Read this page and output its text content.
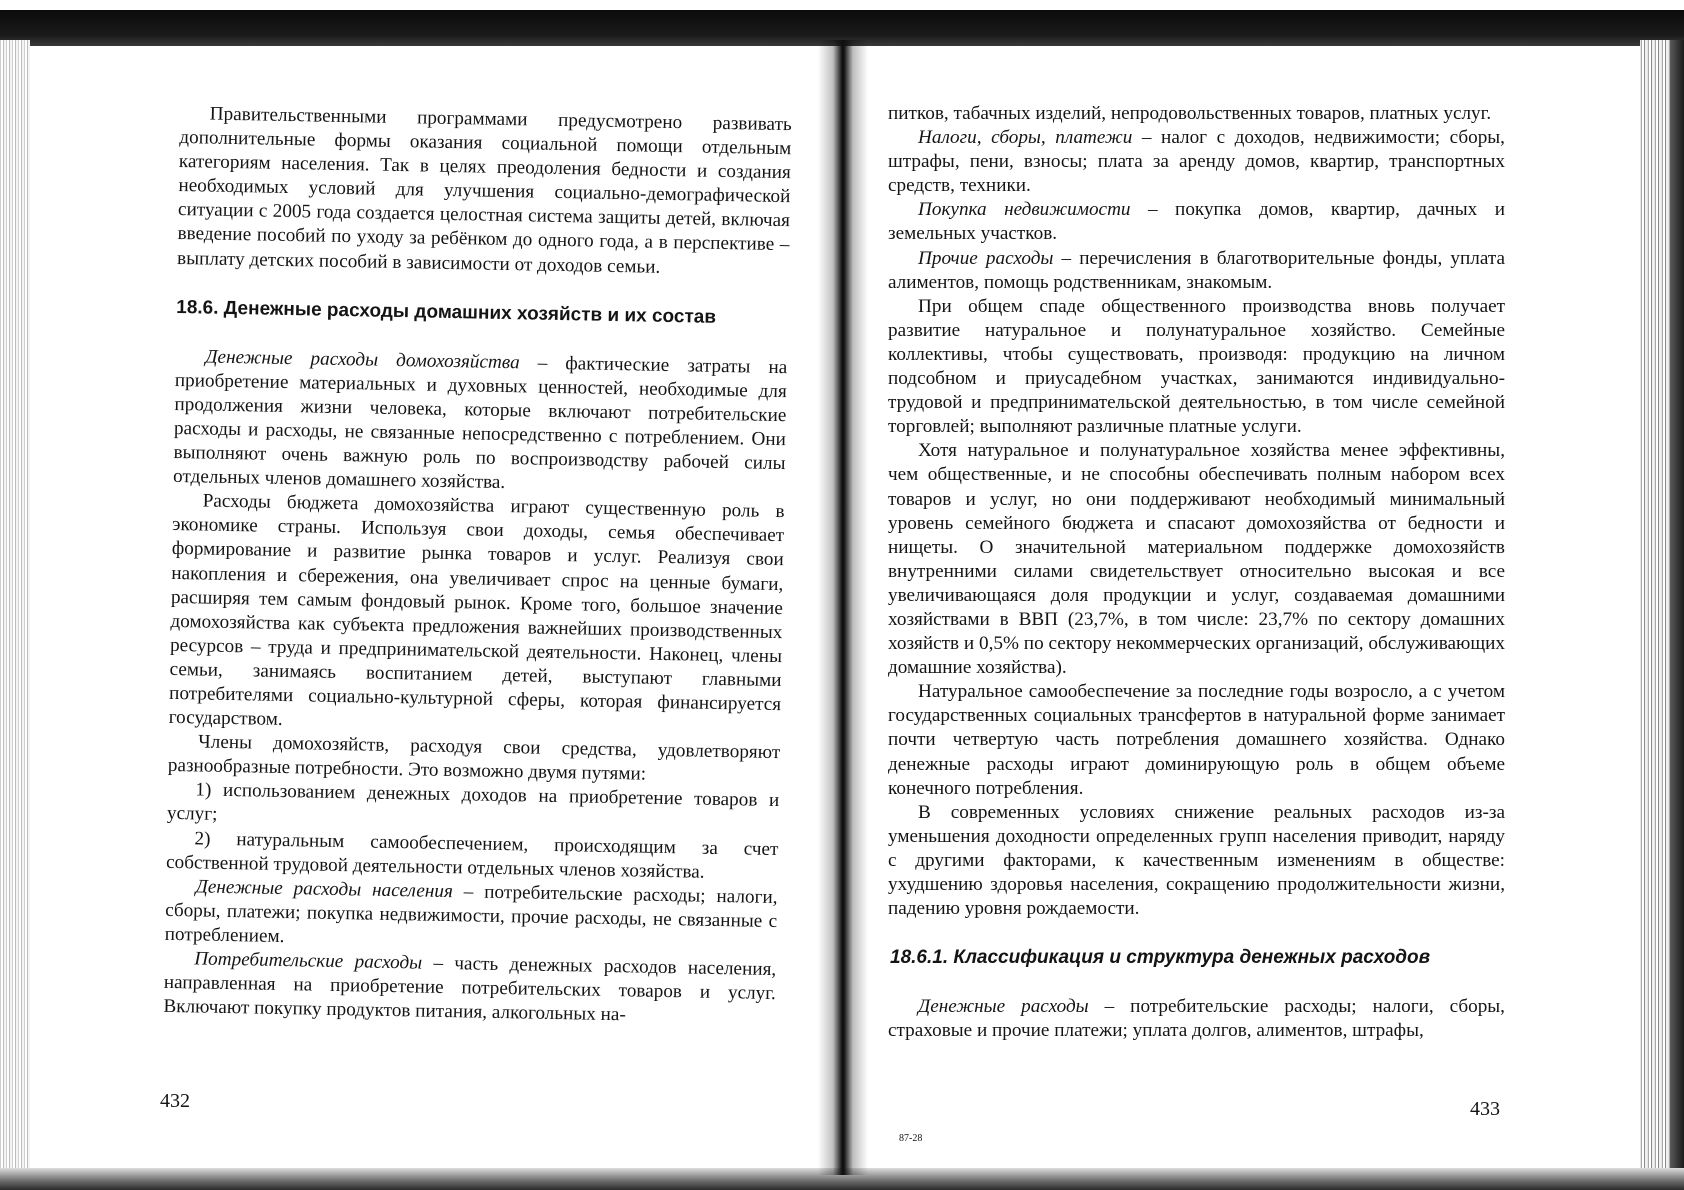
Правительственными программами предусмотрено развивать дополнительные формы оказания социальной помощи отдельным категориям населения. Так в целях преодоления бедности и создания необходимых условий для улучшения социально-демографической ситуации с 2005 года создается целостная система защиты детей, включая введение пособий по уходу за ребёнком до одного года, а в перспективе – выплату детских пособий в зависимости от доходов семьи.

18.6. Денежные расходы домашних хозяйств и их состав

Денежные расходы домохозяйства – фактические затраты на приобретение материальных и духовных ценностей, необходимые для продолжения жизни человека, которые включают потребительские расходы и расходы, не связанные непосредственно с потреблением. Они выполняют очень важную роль по воспроизводству рабочей силы отдельных членов домашнего хозяйства.

Расходы бюджета домохозяйства играют существенную роль в экономике страны. Используя свои доходы, семья обеспечивает формирование и развитие рынка товаров и услуг. Реализуя свои накопления и сбережения, она увеличивает спрос на ценные бумаги, расширяя тем самым фондовый рынок. Кроме того, большое значение домохозяйства как субъекта предложения важнейших производственных ресурсов – труда и предпринимательской деятельности. Наконец, члены семьи, занимаясь воспитанием детей, выступают главными потребителями социально-культурной сферы, которая финансируется государством.

Члены домохозяйств, расходуя свои средства, удовлетворяют разнообразные потребности. Это возможно двумя путями:

1) использованием денежных доходов на приобретение товаров и услуг;

2) натуральным самообеспечением, происходящим за счет собственной трудовой деятельности отдельных членов хозяйства.

Денежные расходы населения – потребительские расходы; налоги, сборы, платежи; покупка недвижимости, прочие расходы, не связанные с потреблением.

Потребительские расходы – часть денежных расходов населения, направленная на приобретение потребительских товаров и услуг. Включают покупку продуктов питания, алкогольных на-

432

питков, табачных изделий, непродовольственных товаров, платных услуг.

Налоги, сборы, платежи – налог с доходов, недвижимости; сборы, штрафы, пени, взносы; плата за аренду домов, квартир, транспортных средств, техники.

Покупка недвижимости – покупка домов, квартир, дачных и земельных участков.

Прочие расходы – перечисления в благотворительные фонды, уплата алиментов, помощь родственникам, знакомым.

При общем спаде общественного производства вновь получает развитие натуральное и полунатуральное хозяйство. Семейные коллективы, чтобы существовать, производя: продукцию на личном подсобном и приусадебном участках, занимаются индивидуально-трудовой и предпринимательской деятельностью, в том числе семейной торговлей; выполняют различные платные услуги.

Хотя натуральное и полунатуральное хозяйства менее эффективны, чем общественные, и не способны обеспечивать полным набором всех товаров и услуг, но они поддерживают необходимый минимальный уровень семейного бюджета и спасают домохозяйства от бедности и нищеты. О значительной материальном поддержке домохозяйств внутренними силами свидетельствует относительно высокая и все увеличивающаяся доля продукции и услуг, создаваемая домашними хозяйствами в ВВП (23,7%, в том числе: 23,7% по сектору домашних хозяйств и 0,5% по сектору некоммерческих организаций, обслуживающих домашние хозяйства).

Натуральное самообеспечение за последние годы возросло, а с учетом государственных социальных трансфертов в натуральной форме занимает почти четвертую часть потребления домашнего хозяйства. Однако денежные расходы играют доминирующую роль в общем объеме конечного потребления.

В современных условиях снижение реальных расходов из-за уменьшения доходности определенных групп населения приводит, наряду с другими факторами, к качественным изменениям в обществе: ухудшению здоровья населения, сокращению продолжительности жизни, падению уровня рождаемости.

18.6.1. Классификация и структура денежных расходов

Денежные расходы – потребительские расходы; налоги, сборы, страховые и прочие платежи; уплата долгов, алиментов, штрафы,

433
87-28
